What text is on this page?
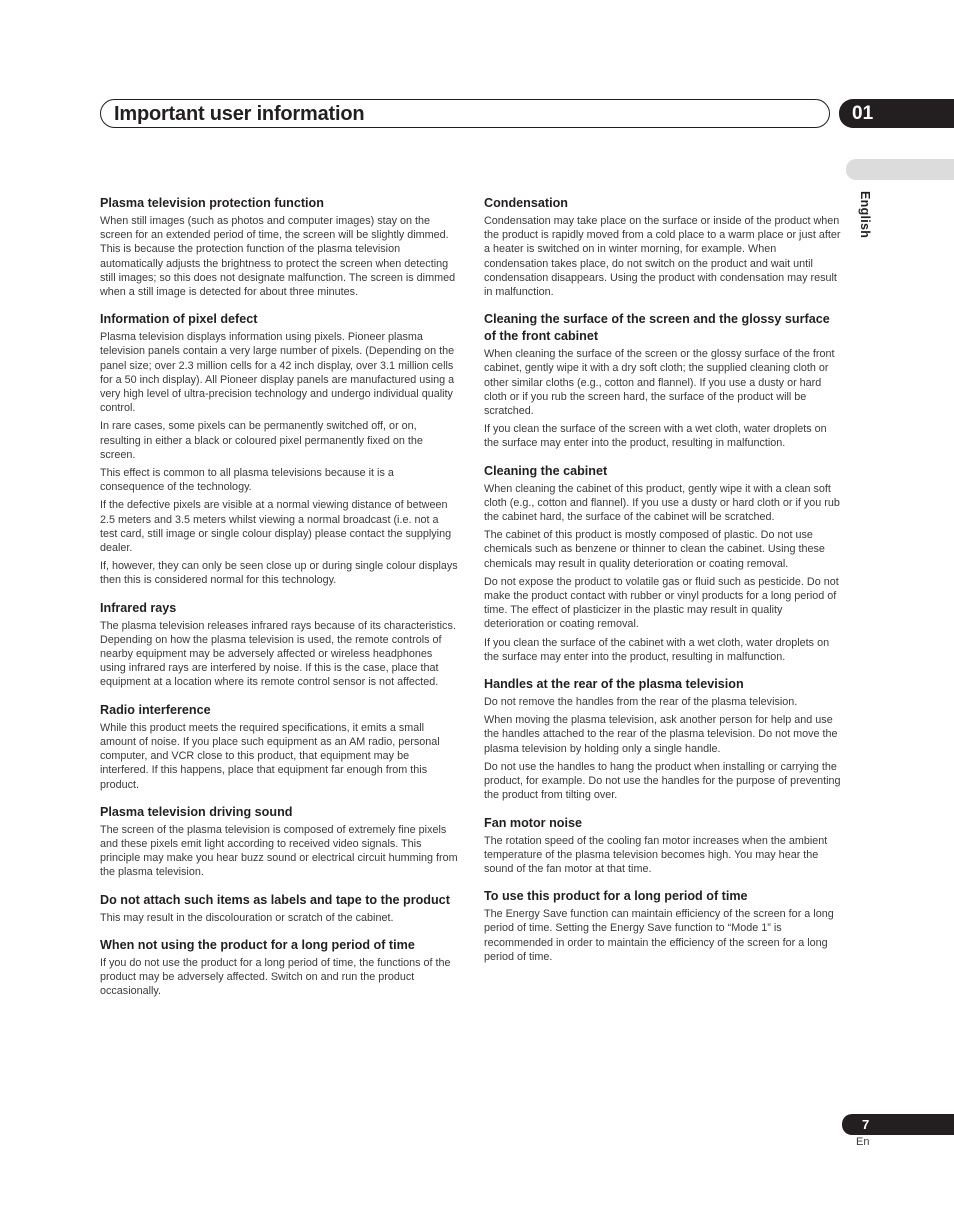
Important user information	01
English
Plasma television protection function

When still images (such as photos and computer images) stay on the screen for an extended period of time, the screen will be slightly dimmed. This is because the protection function of the plasma television automatically adjusts the brightness to protect the screen when detecting still images; so this does not designate malfunction. The screen is dimmed when a still image is detected for about three minutes.

Information of pixel defect

Plasma television displays information using pixels. Pioneer plasma television panels contain a very large number of pixels. (Depending on the panel size; over 2.3 million cells for a 42 inch display, over 3.1 million cells for a 50 inch display). All Pioneer display panels are manufactured using a very high level of ultra-precision technology and undergo individual quality control.

In rare cases, some pixels can be permanently switched off, or on, resulting in either a black or coloured pixel permanently fixed on the screen.

This effect is common to all plasma televisions because it is a consequence of the technology.

If the defective pixels are visible at a normal viewing distance of between 2.5 meters and 3.5 meters whilst viewing a normal broadcast (i.e. not a test card, still image or single colour display) please contact the supplying dealer.

If, however, they can only be seen close up or during single colour displays then this is considered normal for this technology.

Infrared rays

The plasma television releases infrared rays because of its characteristics. Depending on how the plasma television is used, the remote controls of nearby equipment may be adversely affected or wireless headphones using infrared rays are interfered by noise. If this is the case, place that equipment at a location where its remote control sensor is not affected.

Radio interference

While this product meets the required specifications, it emits a small amount of noise. If you place such equipment as an AM radio, personal computer, and VCR close to this product, that equipment may be interfered. If this happens, place that equipment far enough from this product.

Plasma television driving sound

The screen of the plasma television is composed of extremely fine pixels and these pixels emit light according to received video signals. This principle may make you hear buzz sound or electrical circuit humming from the plasma television.

Do not attach such items as labels and tape to the product

This may result in the discolouration or scratch of the cabinet.

When not using the product for a long period of time

If you do not use the product for a long period of time, the functions of the product may be adversely affected. Switch on and run the product occasionally.

Condensation

Condensation may take place on the surface or inside of the product when the product is rapidly moved from a cold place to a warm place or just after a heater is switched on in winter morning, for example. When condensation takes place, do not switch on the product and wait until condensation disappears. Using the product with condensation may result in malfunction.

Cleaning the surface of the screen and the glossy surface of the front cabinet

When cleaning the surface of the screen or the glossy surface of the front cabinet, gently wipe it with a dry soft cloth; the supplied cleaning cloth or other similar cloths (e.g., cotton and flannel). If you use a dusty or hard cloth or if you rub the screen hard, the surface of the product will be scratched.

If you clean the surface of the screen with a wet cloth, water droplets on the surface may enter into the product, resulting in malfunction.

Cleaning the cabinet

When cleaning the cabinet of this product, gently wipe it with a clean soft cloth (e.g., cotton and flannel). If you use a dusty or hard cloth or if you rub the cabinet hard, the surface of the cabinet will be scratched.

The cabinet of this product is mostly composed of plastic. Do not use chemicals such as benzene or thinner to clean the cabinet. Using these chemicals may result in quality deterioration or coating removal.

Do not expose the product to volatile gas or fluid such as pesticide. Do not make the product contact with rubber or vinyl products for a long period of time. The effect of plasticizer in the plastic may result in quality deterioration or coating removal.

If you clean the surface of the cabinet with a wet cloth, water droplets on the surface may enter into the product, resulting in malfunction.

Handles at the rear of the plasma television

Do not remove the handles from the rear of the plasma television.

When moving the plasma television, ask another person for help and use the handles attached to the rear of the plasma television. Do not move the plasma television by holding only a single handle.

Do not use the handles to hang the product when installing or carrying the product, for example. Do not use the handles for the purpose of preventing the product from tilting over.

Fan motor noise

The rotation speed of the cooling fan motor increases when the ambient temperature of the plasma television becomes high. You may hear the sound of the fan motor at that time.

To use this product for a long period of time

The Energy Save function can maintain efficiency of the screen for a long period of time. Setting the Energy Save function to “Mode 1” is recommended in order to maintain the efficiency of the screen for a long period of time.

7
En
